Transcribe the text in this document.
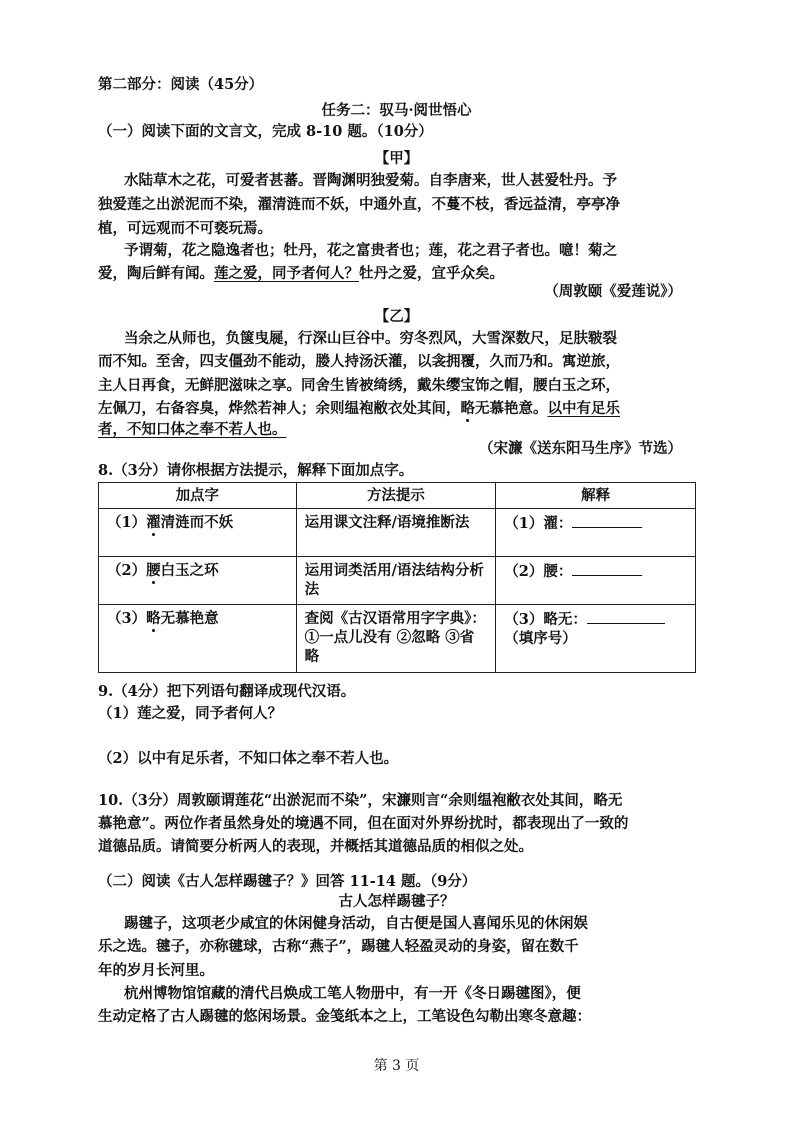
第二部分：阅读（45分）
任务二：驭马·阅世悟心
（一）阅读下面的文言文，完成 8-10 题。（10分）
【甲】
水陆草木之花，可爱者甚蕃。晋陶渊明独爱菊。自李唐来，世人甚爱牡丹。予
独爱莲之出淤泥而不染，濯清涟而不妖，中通外直，不蔓不枝，香远益清，亭亭净
植，可远观而不可亵玩焉。
予谓菊，花之隐逸者也；牡丹，花之富贵者也；莲，花之君子者也。噫！菊之
爱，陶后鲜有闻。莲之爱，同予者何人？牡丹之爱，宜乎众矣。
（周敦颐《爱莲说》）
【乙】
当余之从师也，负箧曳屣，行深山巨谷中。穷冬烈风，大雪深数尺，足肤皲裂
而不知。至舍，四支僵劲不能动，媵人持汤沃灌，以衾拥覆，久而乃和。寓逆旅，
主人日再食，无鲜肥滋味之享。同舍生皆被绮绣，戴朱缨宝饰之帽，腰白玉之环，
左佩刀，右备容臭，烨然若神人；余则缊袍敝衣处其间，略无慕艳意。以中有足乐
者，不知口体之奉不若人也。
（宋濂《送东阳马生序》节选）
8.（3分）请你根据方法提示，解释下面加点字。
加点字	方法提示	解释
（1）濯清涟而不妖	运用课文注释/语境推断法	（1）濯：
（2）腰白玉之环	运用词类活用/语法结构分析法	（2）腰：
（3）略无慕艳意	查阅《古汉语常用字字典》：①一点儿没有 ②忽略 ③省略	（3）略无：（填序号）
9.（4分）把下列语句翻译成现代汉语。
（1）莲之爱，同予者何人？
（2）以中有足乐者，不知口体之奉不若人也。
10.（3分）周敦颐谓莲花“出淤泥而不染”，宋濂则言“余则缊袍敝衣处其间，略无
慕艳意”。两位作者虽然身处的境遇不同，但在面对外界纷扰时，都表现出了一致的
道德品质。请简要分析两人的表现，并概括其道德品质的相似之处。
（二）阅读《古人怎样踢毽子？》回答 11-14 题。（9分）
古人怎样踢毽子？
踢毽子，这项老少咸宜的休闲健身活动，自古便是国人喜闻乐见的休闲娱
乐之选。毽子，亦称毽球，古称“燕子”，踢毽人轻盈灵动的身姿，留在数千
年的岁月长河里。
杭州博物馆馆藏的清代吕焕成工笔人物册中，有一开《冬日踢毽图》，便
生动定格了古人踢毽的悠闲场景。金笺纸本之上，工笔设色勾勒出寒冬意趣：
第 3 页
